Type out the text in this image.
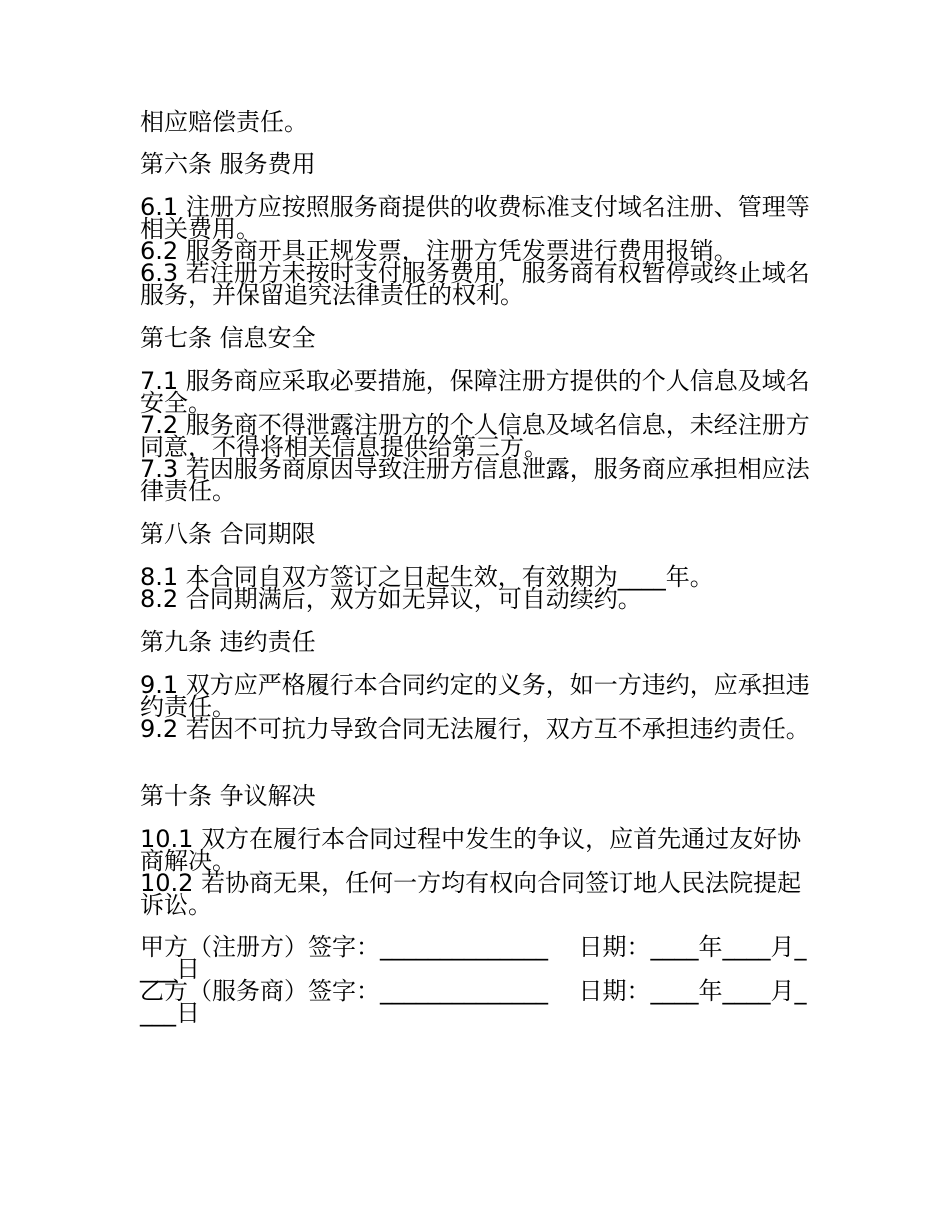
相应赔偿责任。
第六条 服务费用
6.1 注册方应按照服务商提供的收费标准支付域名注册、管理等相关费用。
6.2 服务商开具正规发票，注册方凭发票进行费用报销。
6.3 若注册方未按时支付服务费用，服务商有权暂停或终止域名服务，并保留追究法律责任的权利。
第七条 信息安全
7.1 服务商应采取必要措施，保障注册方提供的个人信息及域名安全。
7.2 服务商不得泄露注册方的个人信息及域名信息，未经注册方同意，不得将相关信息提供给第三方。
7.3 若因服务商原因导致注册方信息泄露，服务商应承担相应法律责任。
第八条 合同期限
8.1 本合同自双方签订之日起生效，有效期为____年。
8.2 合同期满后，双方如无异议，可自动续约。
第九条 违约责任
9.1 双方应严格履行本合同约定的义务，如一方违约，应承担违约责任。
9.2 若因不可抗力导致合同无法履行，双方互不承担违约责任。
第十条 争议解决
10.1 双方在履行本合同过程中发生的争议，应首先通过友好协商解决。
10.2 若协商无果，任何一方均有权向合同签订地人民法院提起诉讼。
甲方（注册方）签字：______________    日期：____年____月____日
乙方（服务商）签字：______________    日期：____年____月____日
